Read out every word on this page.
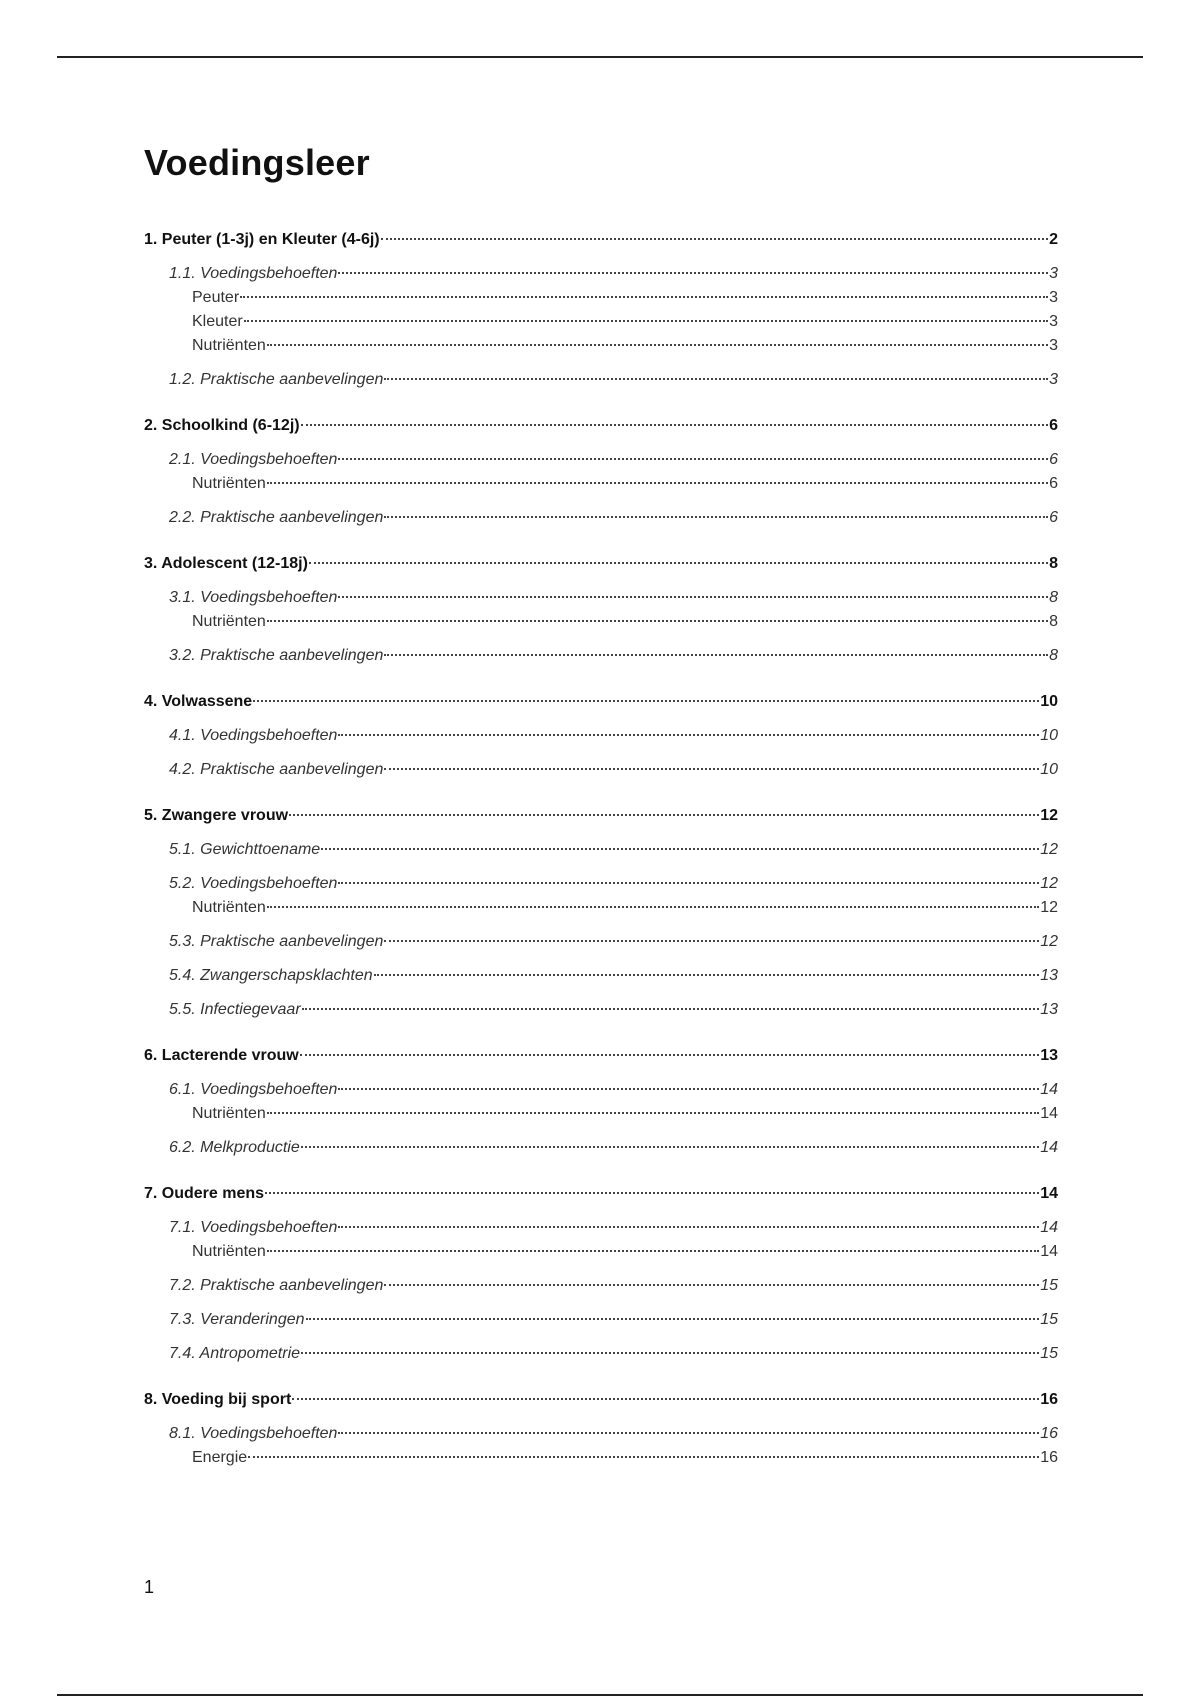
Voedingsleer
1. Peuter (1-3j) en Kleuter (4-6j)	2
1.1. Voedingsbehoeften	3
Peuter	3
Kleuter	3
Nutriënten	3
1.2. Praktische aanbevelingen	3
2. Schoolkind (6-12j)	6
2.1. Voedingsbehoeften	6
Nutriënten	6
2.2. Praktische aanbevelingen	6
3. Adolescent (12-18j)	8
3.1. Voedingsbehoeften	8
Nutriënten	8
3.2. Praktische aanbevelingen	8
4. Volwassene	10
4.1. Voedingsbehoeften	10
4.2. Praktische aanbevelingen	10
5. Zwangere vrouw	12
5.1. Gewichttoename	12
5.2. Voedingsbehoeften	12
Nutriënten	12
5.3. Praktische aanbevelingen	12
5.4. Zwangerschapsklachten	13
5.5. Infectiegevaar	13
6. Lacterende vrouw	13
6.1. Voedingsbehoeften	14
Nutriënten	14
6.2. Melkproductie	14
7. Oudere mens	14
7.1. Voedingsbehoeften	14
Nutriënten	14
7.2. Praktische aanbevelingen	15
7.3. Veranderingen	15
7.4. Antropometrie	15
8. Voeding bij sport	16
8.1. Voedingsbehoeften	16
Energie	16
1
